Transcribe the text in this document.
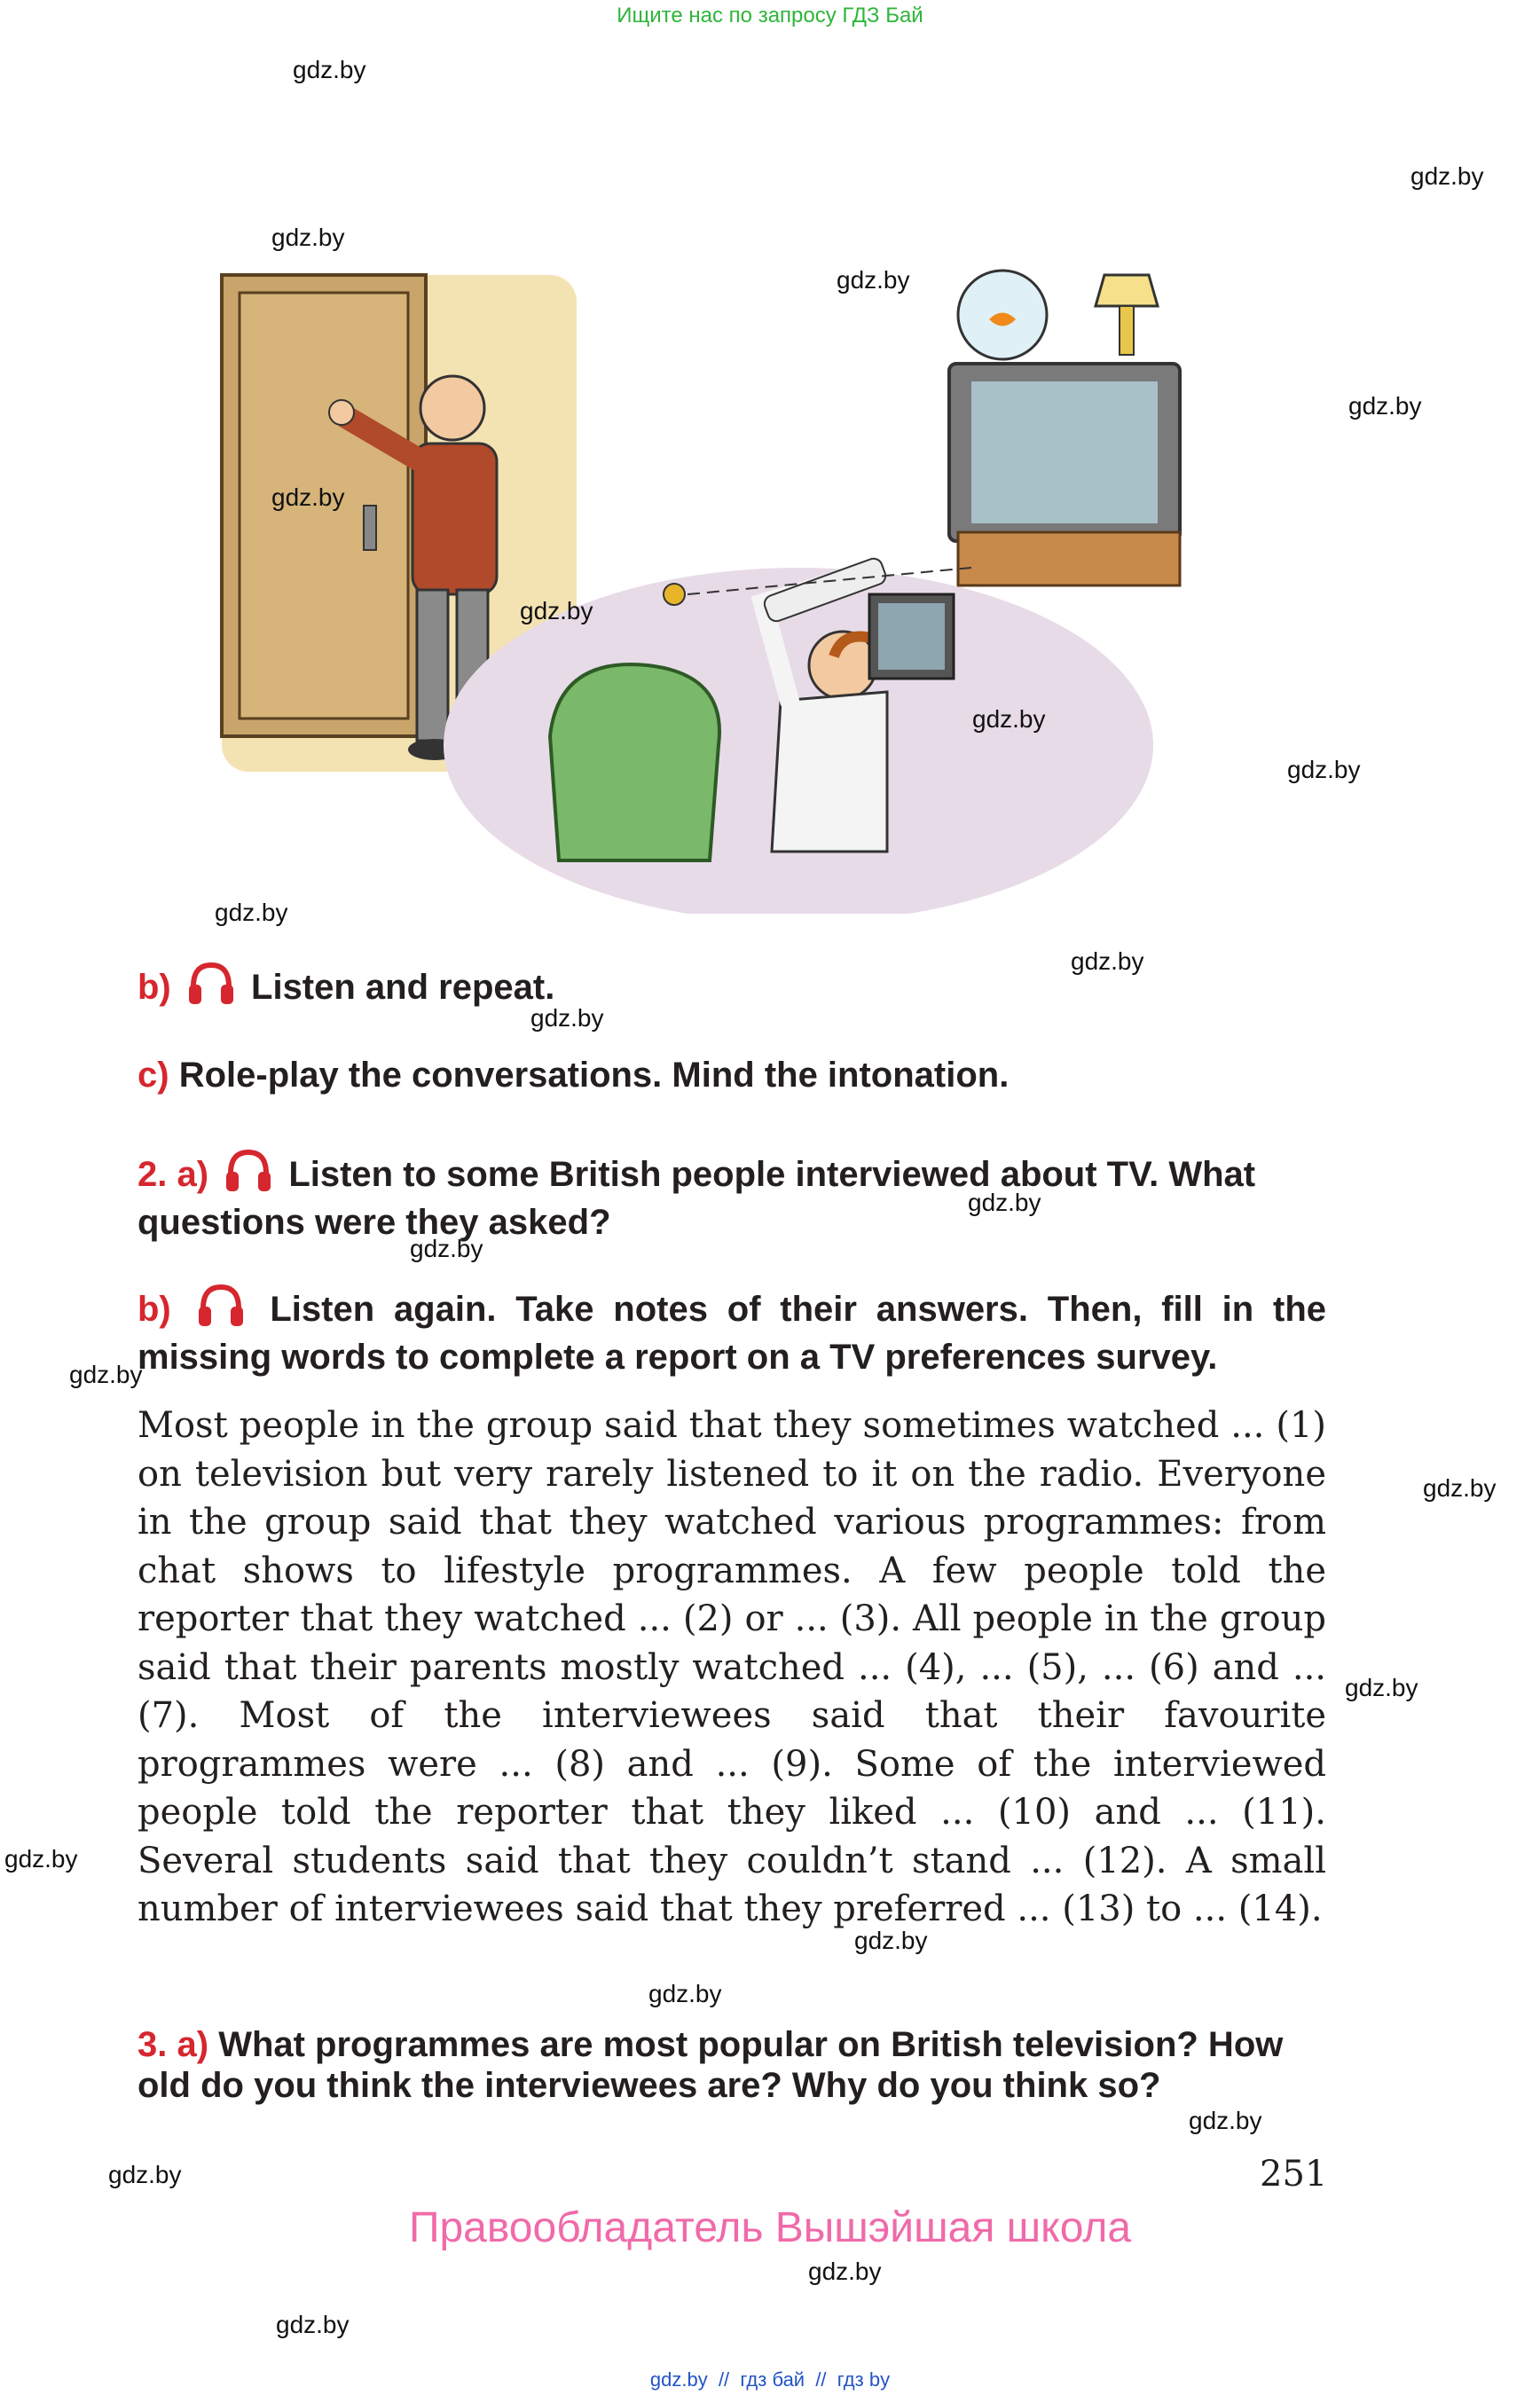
Ищите нас по запросу ГДЗ Бай
gdz.by
gdz.by
gdz.by
gdz.by
gdz.by
gdz.by
gdz.by
gdz.by
gdz.by
gdz.by
gdz.by
gdz.by
gdz.by
gdz.by
gdz.by
gdz.by
gdz.by
gdz.by
gdz.by
gdz.by
gdz.by
gdz.by
gdz.by
gdz.by
b) Listen and repeat.
c) Role-play the conversations. Mind the intonation.
2. a) Listen to some British people interviewed about TV. What questions were they asked?
b)	Listen again. Take notes of their answers. Then, fill in the missing words to complete a report on a TV preferences survey.
Most people in the group said that they sometimes watched ... (1) on television but very rarely listened to it on the radio. Everyone in the group said that they watched various programmes: from chat shows to lifestyle programmes. A few people told the reporter that they watched ... (2) or ... (3). All people in the group said that their parents mostly watched ... (4), ... (5), ... (6) and ... (7). Most of the interviewees said that their favourite programmes were ... (8) and ... (9). Some of the interviewed people told the reporter that they liked ... (10) and ... (11). Several students said that they couldn’t stand ... (12). A small number of interviewees said that they preferred ... (13) to ... (14).
3. a) What programmes are most popular on British television? How old do you think the interviewees are? Why do you think so?
251
Правообладатель Вышэйшая школа
gdz.by  //  гдз бай  //  гдз by
